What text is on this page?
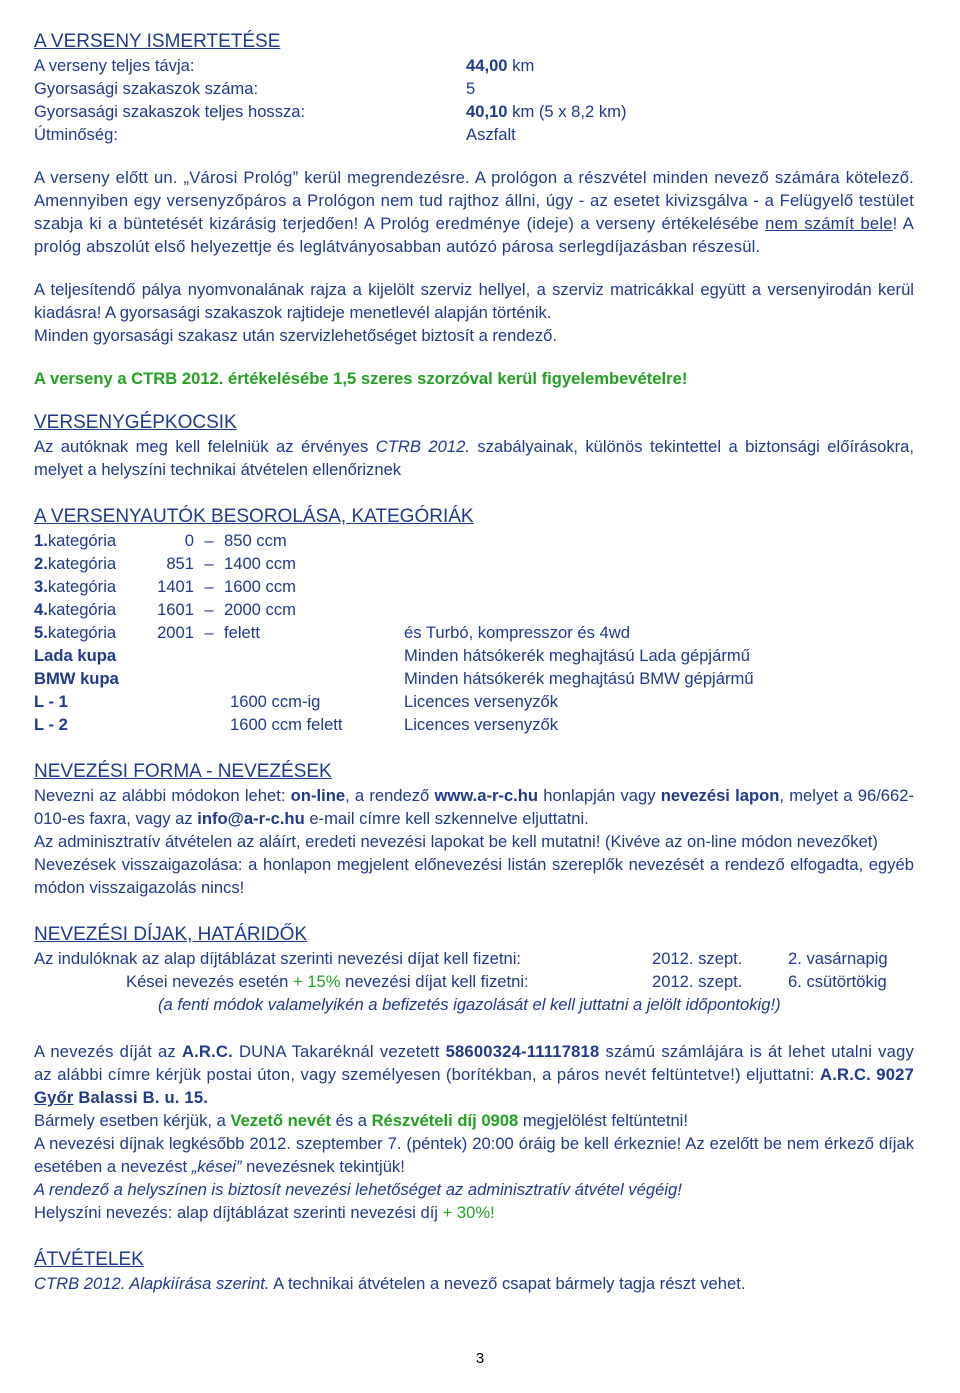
A VERSENY ISMERTETÉSE

A verseny teljes távja:	44,00 km
Gyorsasági szakaszok száma:	5
Gyorsasági szakaszok teljes hossza:	40,10 km (5 x 8,2 km)
Útminőség:	Aszfalt

A verseny előtt un. „Városi Prológ” kerül megrendezésre. A prológon a részvétel minden nevező számára kötelező. Amennyiben egy versenyzőpáros a Prológon nem tud rajthoz állni, úgy - az esetet kivizsgálva - a Felügyelő testület szabja ki a büntetését kizárásig terjedően! A Prológ eredménye (ideje) a verseny értékelésébe nem számít bele! A prológ abszolút első helyezettje és leglátványosabban autózó párosa serlegdíjazásban részesül.

A teljesítendő pálya nyomvonalának rajza a kijelölt szerviz hellyel, a szerviz matricákkal együtt a versenyirodán kerül kiadásra! A gyorsasági szakaszok rajtideje menetlevél alapján történik.

Minden gyorsasági szakasz után szervizlehetőséget biztosít a rendező.

A verseny a CTRB 2012. értékelésébe 1,5 szeres szorzóval kerül figyelembevételre!

VERSENYGÉPKOCSIK

Az autóknak meg kell felelniük az érvényes CTRB 2012. szabályainak, különös tekintettel a biztonsági előírásokra, melyet a helyszíni technikai átvételen ellenőriznek

A VERSENYAUTÓK BESOROLÁSA, KATEGÓRIÁK

1.kategória	0 – 850 ccm
2.kategória	851 – 1400 ccm
3.kategória 1401 – 1600 ccm
4.kategória 1601 – 2000 ccm
5.kategória 2001 – felett	és Turbó, kompresszor és 4wd
Lada kupa	Minden hátsókerék meghajtású Lada gépjármű
BMW kupa	Minden hátsókerék meghajtású BMW gépjármű
L - 1	1600 ccm-ig	Licences versenyzők
L - 2	1600 ccm felett	Licences versenyzők

NEVEZÉSI FORMA - NEVEZÉSEK

Nevezni az alábbi módokon lehet: on-line, a rendező www.a-r-c.hu honlapján vagy nevezési lapon, melyet a 96/662-010-es faxra, vagy az info@a-r-c.hu e-mail címre kell szkennelve eljuttatni.

Az adminisztratív átvételen az aláírt, eredeti nevezési lapokat be kell mutatni! (Kivéve az on-line módon nevezőket)

Nevezések visszaigazolása: a honlapon megjelent előnevezési listán szereplők nevezését a rendező elfogadta, egyéb módon visszaigazolás nincs!

NEVEZÉSI DÍJAK, HATÁRIDŐK

Az indulóknak az alap díjtáblázat szerinti nevezési díjat kell fizetni:	2012. szept.	2. vasárnapig
Kései nevezés esetén + 15% nevezési díjat kell fizetni:	2012. szept.	6. csütörtökig

(a fenti módok valamelyikén a befizetés igazolását el kell juttatni a jelölt időpontokig!)

A nevezés díját az A.R.C. DUNA Takaréknál vezetett 58600324-11117818 számú számlájára is át lehet utalni vagy az alábbi címre kérjük postai úton, vagy személyesen (borítékban, a páros nevét feltüntetve!) eljuttatni: A.R.C. 9027 Győr Balassi B. u. 15.

Bármely esetben kérjük, a Vezető nevét és a Részvételi díj 0908 megjelölést feltüntetni!

A nevezési díjnak legkésőbb 2012. szeptember 7. (péntek) 20:00 óráig be kell érkeznie! Az ezelőtt be nem érkező díjak esetében a nevezést „kései” nevezésnek tekintjük!

A rendező a helyszínen is biztosít nevezési lehetőséget az adminisztratív átvétel végéig!

Helyszíni nevezés: alap díjtáblázat szerinti nevezési díj + 30%!

ÁTVÉTELEK

CTRB 2012. Alapkiírása szerint. A technikai átvételen a nevező csapat bármely tagja részt vehet.

3
